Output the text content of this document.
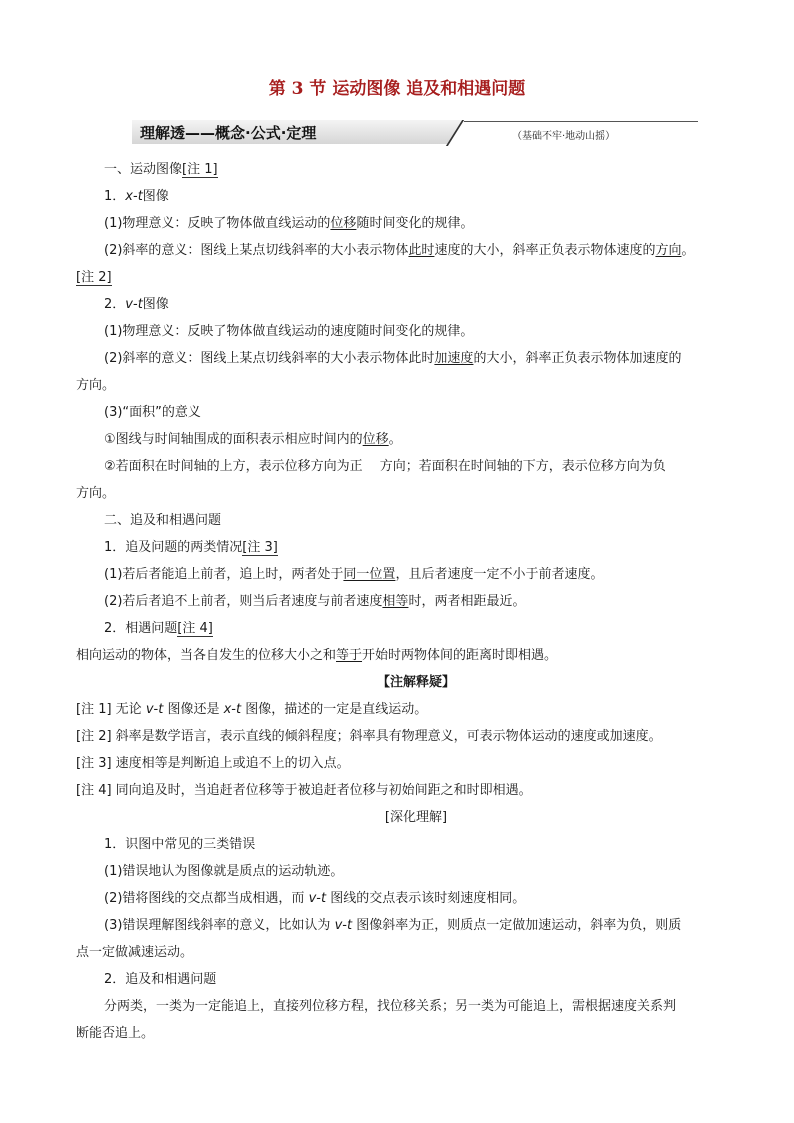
第 3 节 运动图像 追及和相遇问题
理解透——概念·公式·定理	（基础不牢·地动山摇）
一、运动图像[注 1]
1．x-t图像
(1)物理意义：反映了物体做直线运动的位移随时间变化的规律。
(2)斜率的意义：图线上某点切线斜率的大小表示物体此时速度的大小，斜率正负表示物体速度的方向。
[注 2]
2．v-t图像
(1)物理意义：反映了物体做直线运动的速度随时间变化的规律。
(2)斜率的意义：图线上某点切线斜率的大小表示物体此时加速度的大小，斜率正负表示物体加速度的
方向。
(3)“面积”的意义
①图线与时间轴围成的面积表示相应时间内的位移。
②若面积在时间轴的上方，表示位移方向为正　 方向；若面积在时间轴的下方，表示位移方向为负
方向。
二、追及和相遇问题
1．追及问题的两类情况[注 3]
(1)若后者能追上前者，追上时，两者处于同一位置，且后者速度一定不小于前者速度。
(2)若后者追不上前者，则当后者速度与前者速度相等时，两者相距最近。
2．相遇问题[注 4]
相向运动的物体，当各自发生的位移大小之和等于开始时两物体间的距离时即相遇。
【注解释疑】
[注 1] 无论 v-t 图像还是 x-t 图像，描述的一定是直线运动。
[注 2] 斜率是数学语言，表示直线的倾斜程度；斜率具有物理意义，可表示物体运动的速度或加速度。
[注 3] 速度相等是判断追上或追不上的切入点。
[注 4] 同向追及时，当追赶者位移等于被追赶者位移与初始间距之和时即相遇。
[深化理解]
1．识图中常见的三类错误
(1)错误地认为图像就是质点的运动轨迹。
(2)错将图线的交点都当成相遇，而 v-t 图线的交点表示该时刻速度相同。
(3)错误理解图线斜率的意义，比如认为 v-t 图像斜率为正，则质点一定做加速运动，斜率为负，则质
点一定做减速运动。
2．追及和相遇问题
分两类，一类为一定能追上，直接列位移方程，找位移关系；另一类为可能追上，需根据速度关系判
断能否追上。
